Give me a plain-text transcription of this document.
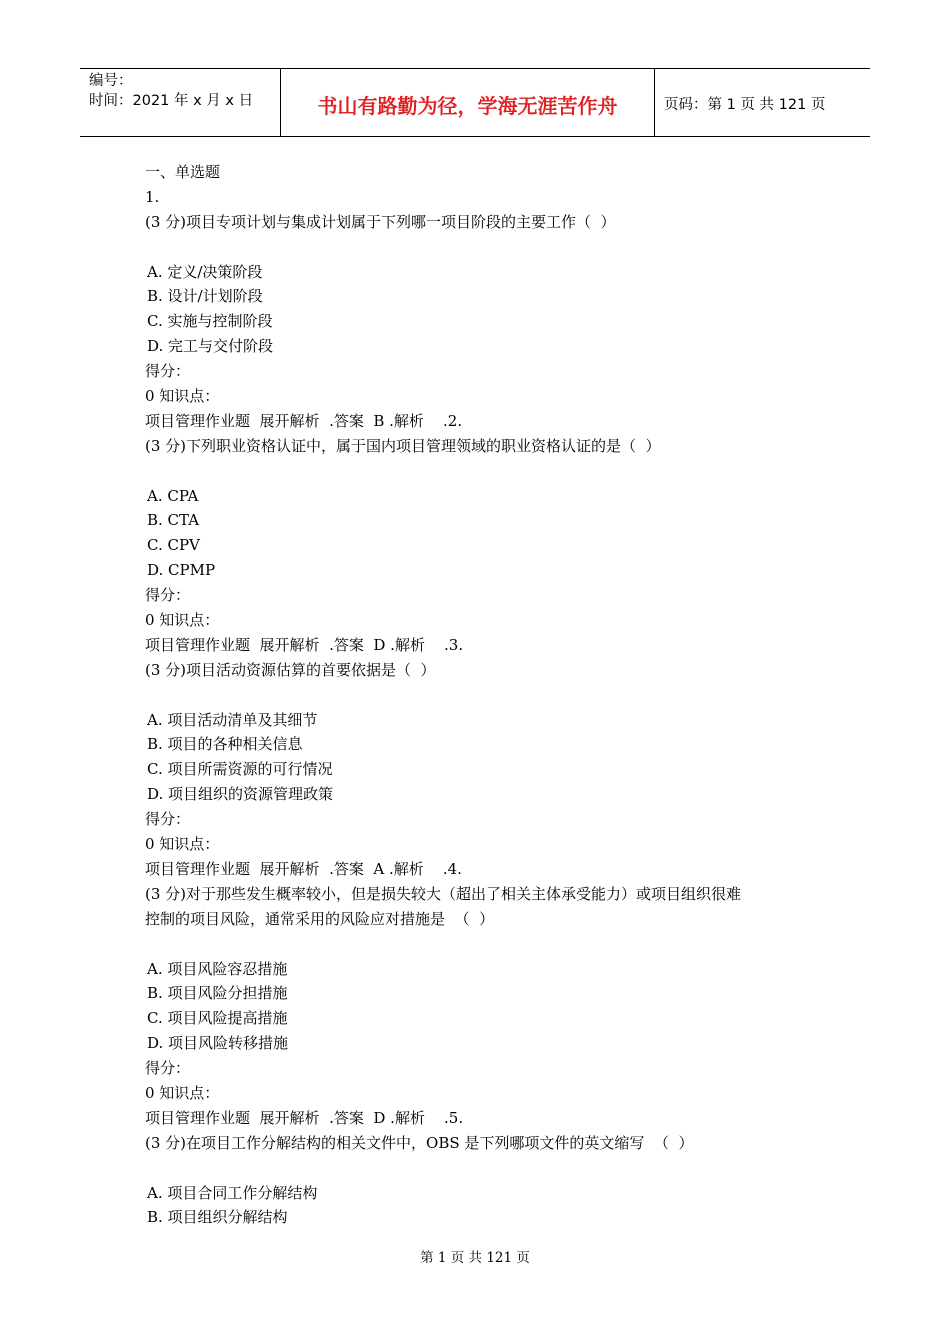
编号：
时间：2021 年 x 月 x 日	书山有路勤为径，学海无涯苦作舟	页码：第 1 页 共 121 页
一、单选题
1.
(3 分)项目专项计划与集成计划属于下列哪一项目阶段的主要工作（  ）
A. 定义/决策阶段
B. 设计/计划阶段
C. 实施与控制阶段
D. 完工与交付阶段
得分：
0 知识点：
项目管理作业题  展开解析  .答案  B .解析    .2.
(3 分)下列职业资格认证中，属于国内项目管理领域的职业资格认证的是（  ）
A. CPA
B. CTA
C. CPV
D. CPMP
得分：
0 知识点：
项目管理作业题  展开解析  .答案  D .解析    .3.
(3 分)项目活动资源估算的首要依据是（  ）
A. 项目活动清单及其细节
B. 项目的各种相关信息
C. 项目所需资源的可行情况
D. 项目组织的资源管理政策
得分：
0 知识点：
项目管理作业题  展开解析  .答案  A .解析    .4.
(3 分)对于那些发生概率较小，但是损失较大（超出了相关主体承受能力）或项目组织很难
控制的项目风险，通常采用的风险应对措施是  （  ）
A. 项目风险容忍措施
B. 项目风险分担措施
C. 项目风险提高措施
D. 项目风险转移措施
得分：
0 知识点：
项目管理作业题  展开解析  .答案  D .解析    .5.
(3 分)在项目工作分解结构的相关文件中，OBS 是下列哪项文件的英文缩写  （  ）
A. 项目合同工作分解结构
B. 项目组织分解结构
第 1 页 共 121 页
